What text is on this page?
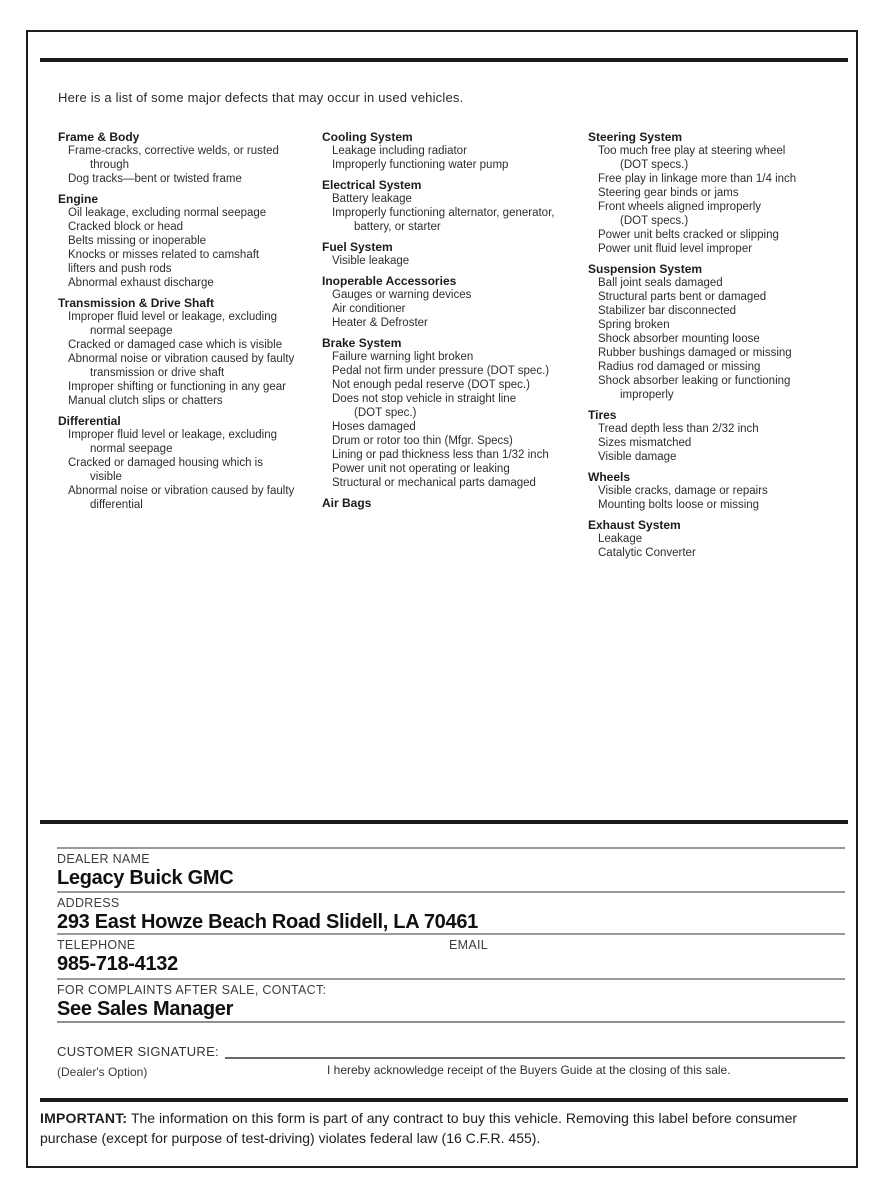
Here is a list of some major defects that may occur in used vehicles.
Frame & Body
Frame-cracks, corrective welds, or rusted
through
Dog tracks—bent or twisted frame
Engine
Oil leakage, excluding normal seepage
Cracked block or head
Belts missing or inoperable
Knocks or misses related to camshaft
lifters and push rods
Abnormal exhaust discharge
Transmission & Drive Shaft
Improper fluid level or leakage, excluding
normal seepage
Cracked or damaged case which is visible
Abnormal noise or vibration caused by faulty
transmission or drive shaft
Improper shifting or functioning in any gear
Manual clutch slips or chatters
Differential
Improper fluid level or leakage, excluding
normal seepage
Cracked or damaged housing which is
visible
Abnormal noise or vibration caused by faulty
differential
Cooling System
Leakage including radiator
Improperly functioning water pump
Electrical System
Battery leakage
Improperly functioning alternator, generator,
battery, or starter
Fuel System
Visible leakage
Inoperable Accessories
Gauges or warning devices
Air conditioner
Heater & Defroster
Brake System
Failure warning light broken
Pedal not firm under pressure (DOT spec.)
Not enough pedal reserve (DOT spec.)
Does not stop vehicle in straight line
(DOT spec.)
Hoses damaged
Drum or rotor too thin (Mfgr. Specs)
Lining or pad thickness less than 1/32 inch
Power unit not operating or leaking
Structural or mechanical parts damaged
Air Bags
Steering System
Too much free play at steering wheel
(DOT specs.)
Free play in linkage more than 1/4 inch
Steering gear binds or jams
Front wheels aligned improperly
(DOT specs.)
Power unit belts cracked or slipping
Power unit fluid level improper
Suspension System
Ball joint seals damaged
Structural parts bent or damaged
Stabilizer bar disconnected
Spring broken
Shock absorber mounting loose
Rubber bushings damaged or missing
Radius rod damaged or missing
Shock absorber leaking or functioning
improperly
Tires
Tread depth less than 2/32 inch
Sizes mismatched
Visible damage
Wheels
Visible cracks, damage or repairs
Mounting bolts loose or missing
Exhaust System
Leakage
Catalytic Converter
DEALER NAME
Legacy Buick GMC
ADDRESS
293 East Howze Beach Road Slidell, LA 70461
TELEPHONE	EMAIL
985-718-4132
FOR COMPLAINTS AFTER SALE, CONTACT:
See Sales Manager
CUSTOMER SIGNATURE:
(Dealer's Option)	I hereby acknowledge receipt of the Buyers Guide at the closing of this sale.
IMPORTANT: The information on this form is part of any contract to buy this vehicle. Removing this label before consumer purchase (except for purpose of test-driving) violates federal law (16 C.F.R. 455).
